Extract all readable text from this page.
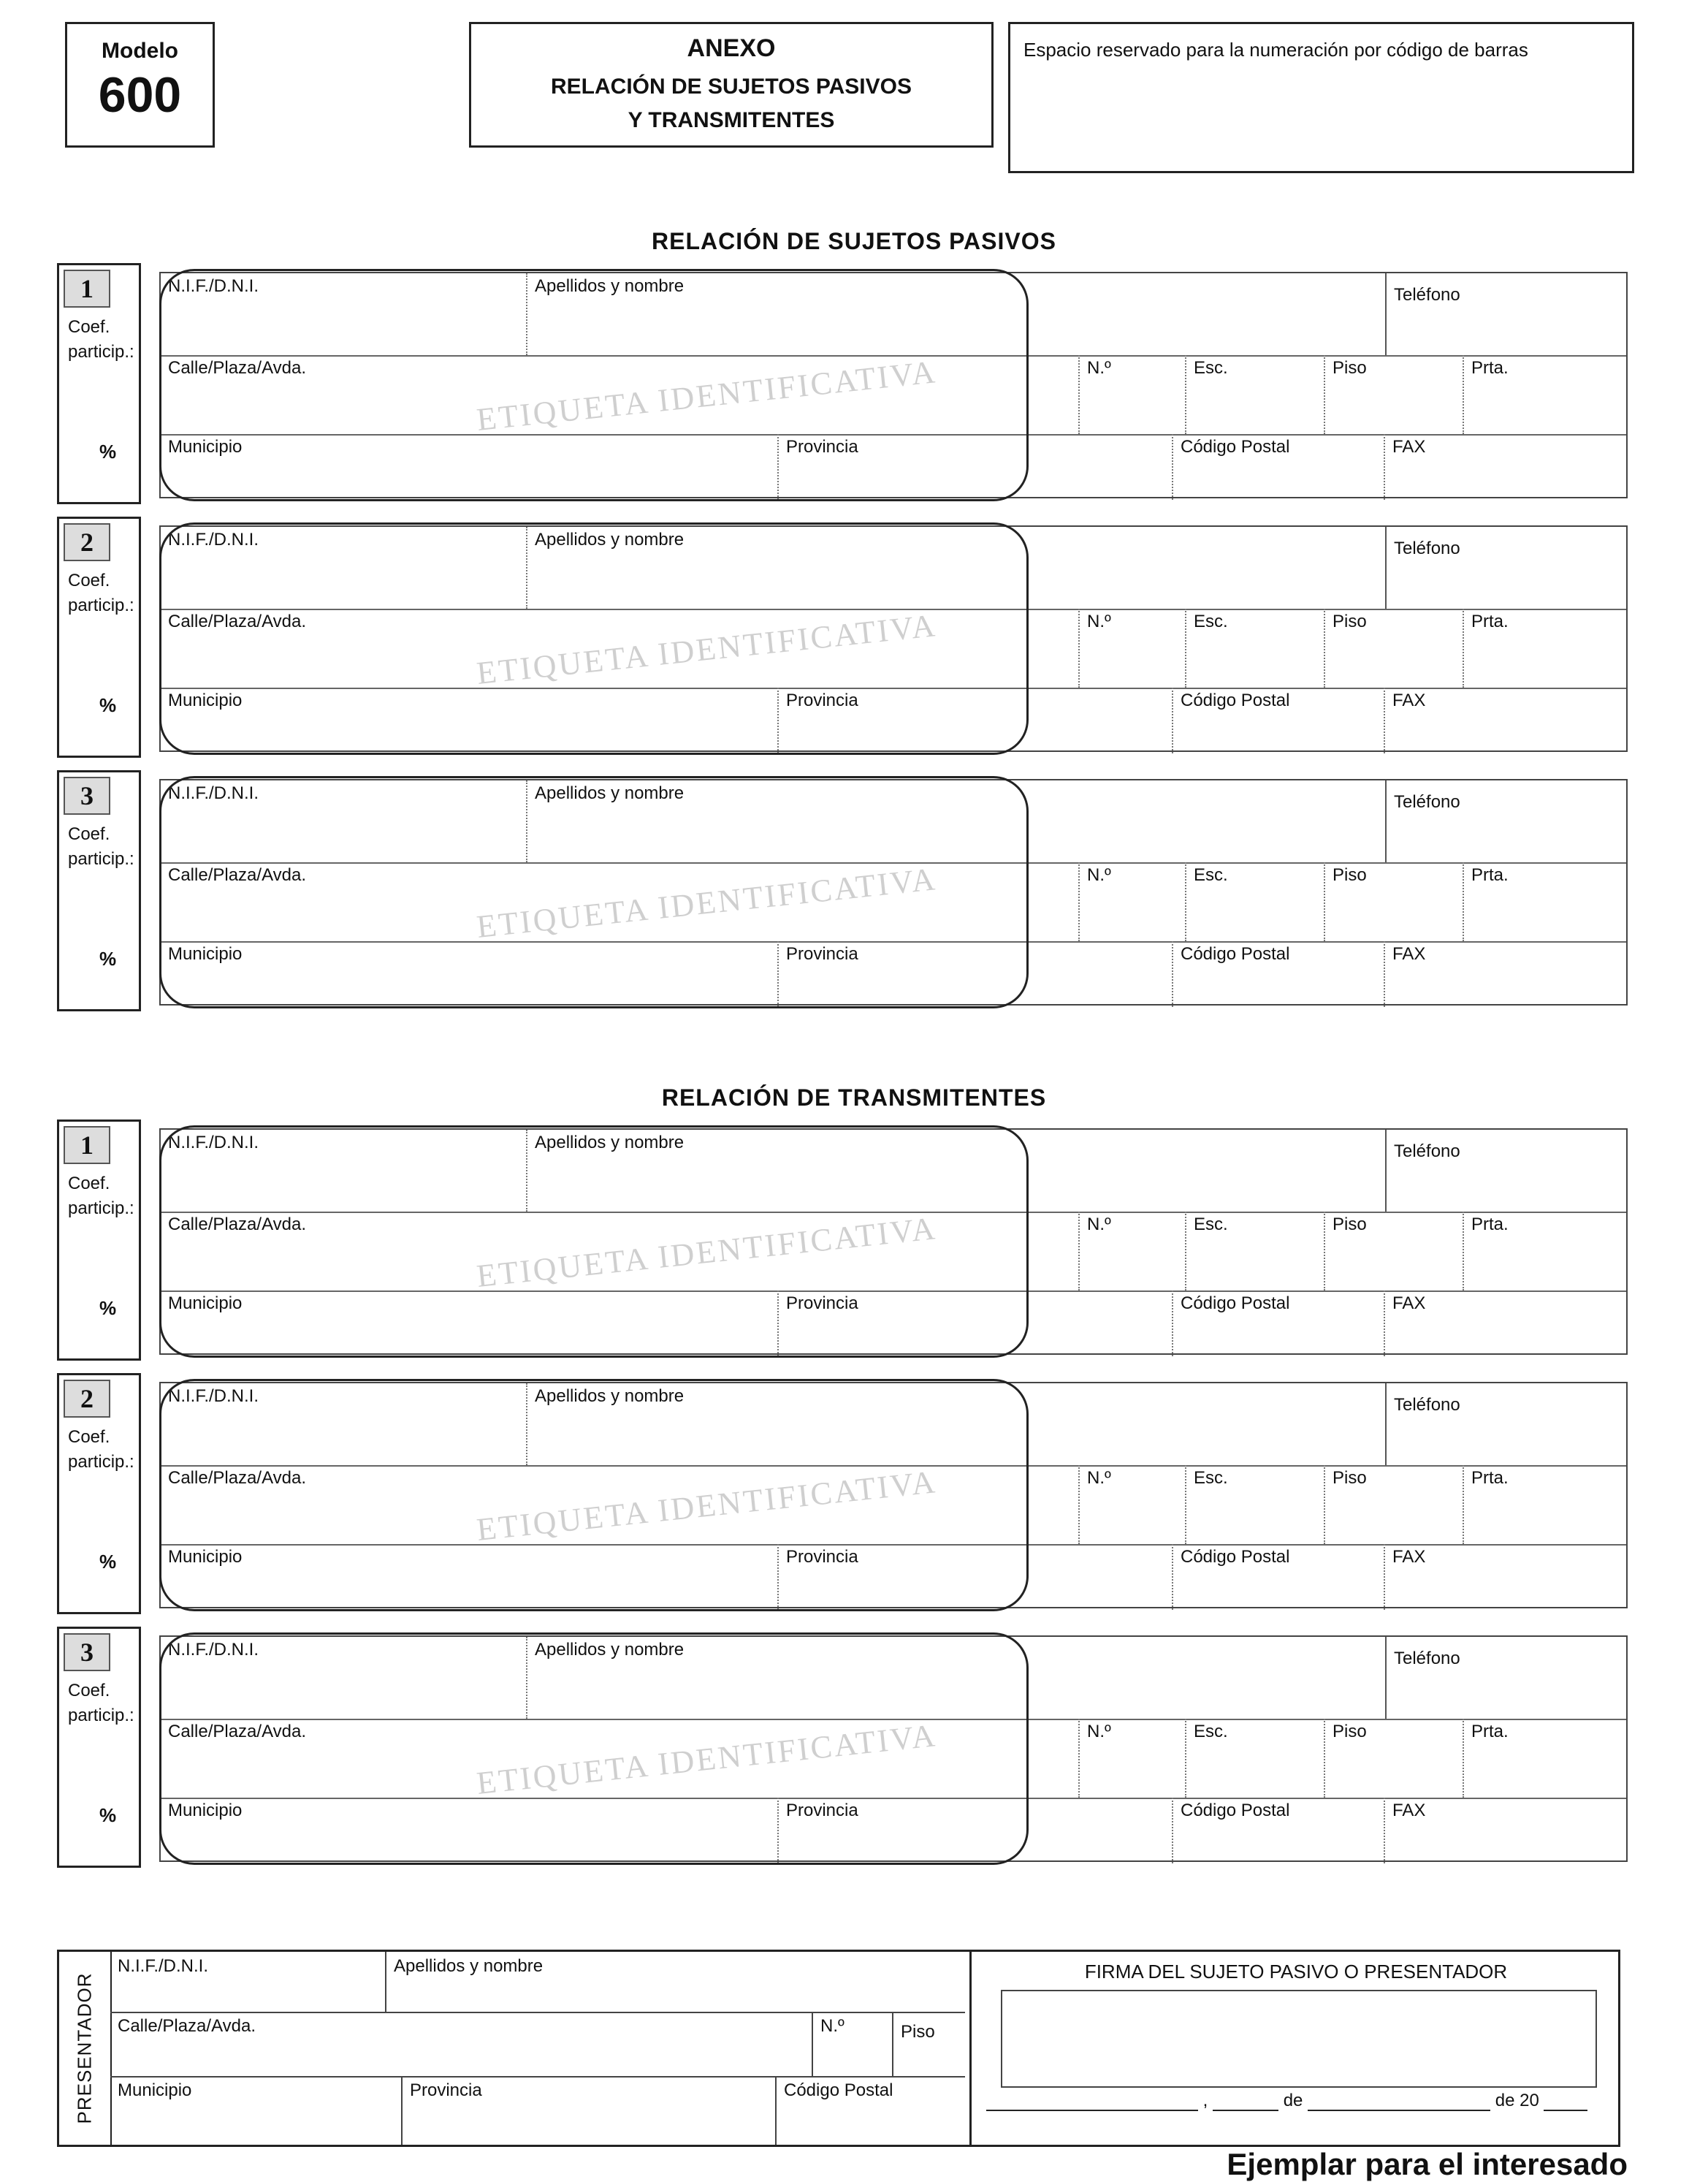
Modelo
600
ANEXO
RELACIÓN DE SUJETOS PASIVOS
Y TRANSMITENTES
Espacio reservado para la numeración por código de barras
RELACIÓN DE SUJETOS PASIVOS
RELACIÓN DE TRANSMITENTES
1
Coef.
particip.:
%
N.I.F./D.N.I.	Apellidos y nombre	Teléfono
Calle/Plaza/Avda.	N.º	Esc.	Piso	Prta.
Municipio	Provincia	Código Postal	FAX
ETIQUETA IDENTIFICATIVA
2
Coef.
particip.:
%
N.I.F./D.N.I.	Apellidos y nombre	Teléfono
Calle/Plaza/Avda.	N.º	Esc.	Piso	Prta.
Municipio	Provincia	Código Postal	FAX
ETIQUETA IDENTIFICATIVA
3
Coef.
particip.:
%
N.I.F./D.N.I.	Apellidos y nombre	Teléfono
Calle/Plaza/Avda.	N.º	Esc.	Piso	Prta.
Municipio	Provincia	Código Postal	FAX
ETIQUETA IDENTIFICATIVA
1
Coef.
particip.:
%
N.I.F./D.N.I.	Apellidos y nombre	Teléfono
Calle/Plaza/Avda.	N.º	Esc.	Piso	Prta.
Municipio	Provincia	Código Postal	FAX
ETIQUETA IDENTIFICATIVA
2
Coef.
particip.:
%
N.I.F./D.N.I.	Apellidos y nombre	Teléfono
Calle/Plaza/Avda.	N.º	Esc.	Piso	Prta.
Municipio	Provincia	Código Postal	FAX
ETIQUETA IDENTIFICATIVA
3
Coef.
particip.:
%
N.I.F./D.N.I.	Apellidos y nombre	Teléfono
Calle/Plaza/Avda.	N.º	Esc.	Piso	Prta.
Municipio	Provincia	Código Postal	FAX
ETIQUETA IDENTIFICATIVA
PRESENTADOR
N.I.F./D.N.I.	Apellidos y nombre
Calle/Plaza/Avda.	N.º	Piso
Municipio	Provincia	Código Postal
FIRMA DEL SUJETO PASIVO O PRESENTADOR
,	de	de 20
Ejemplar para el interesado
